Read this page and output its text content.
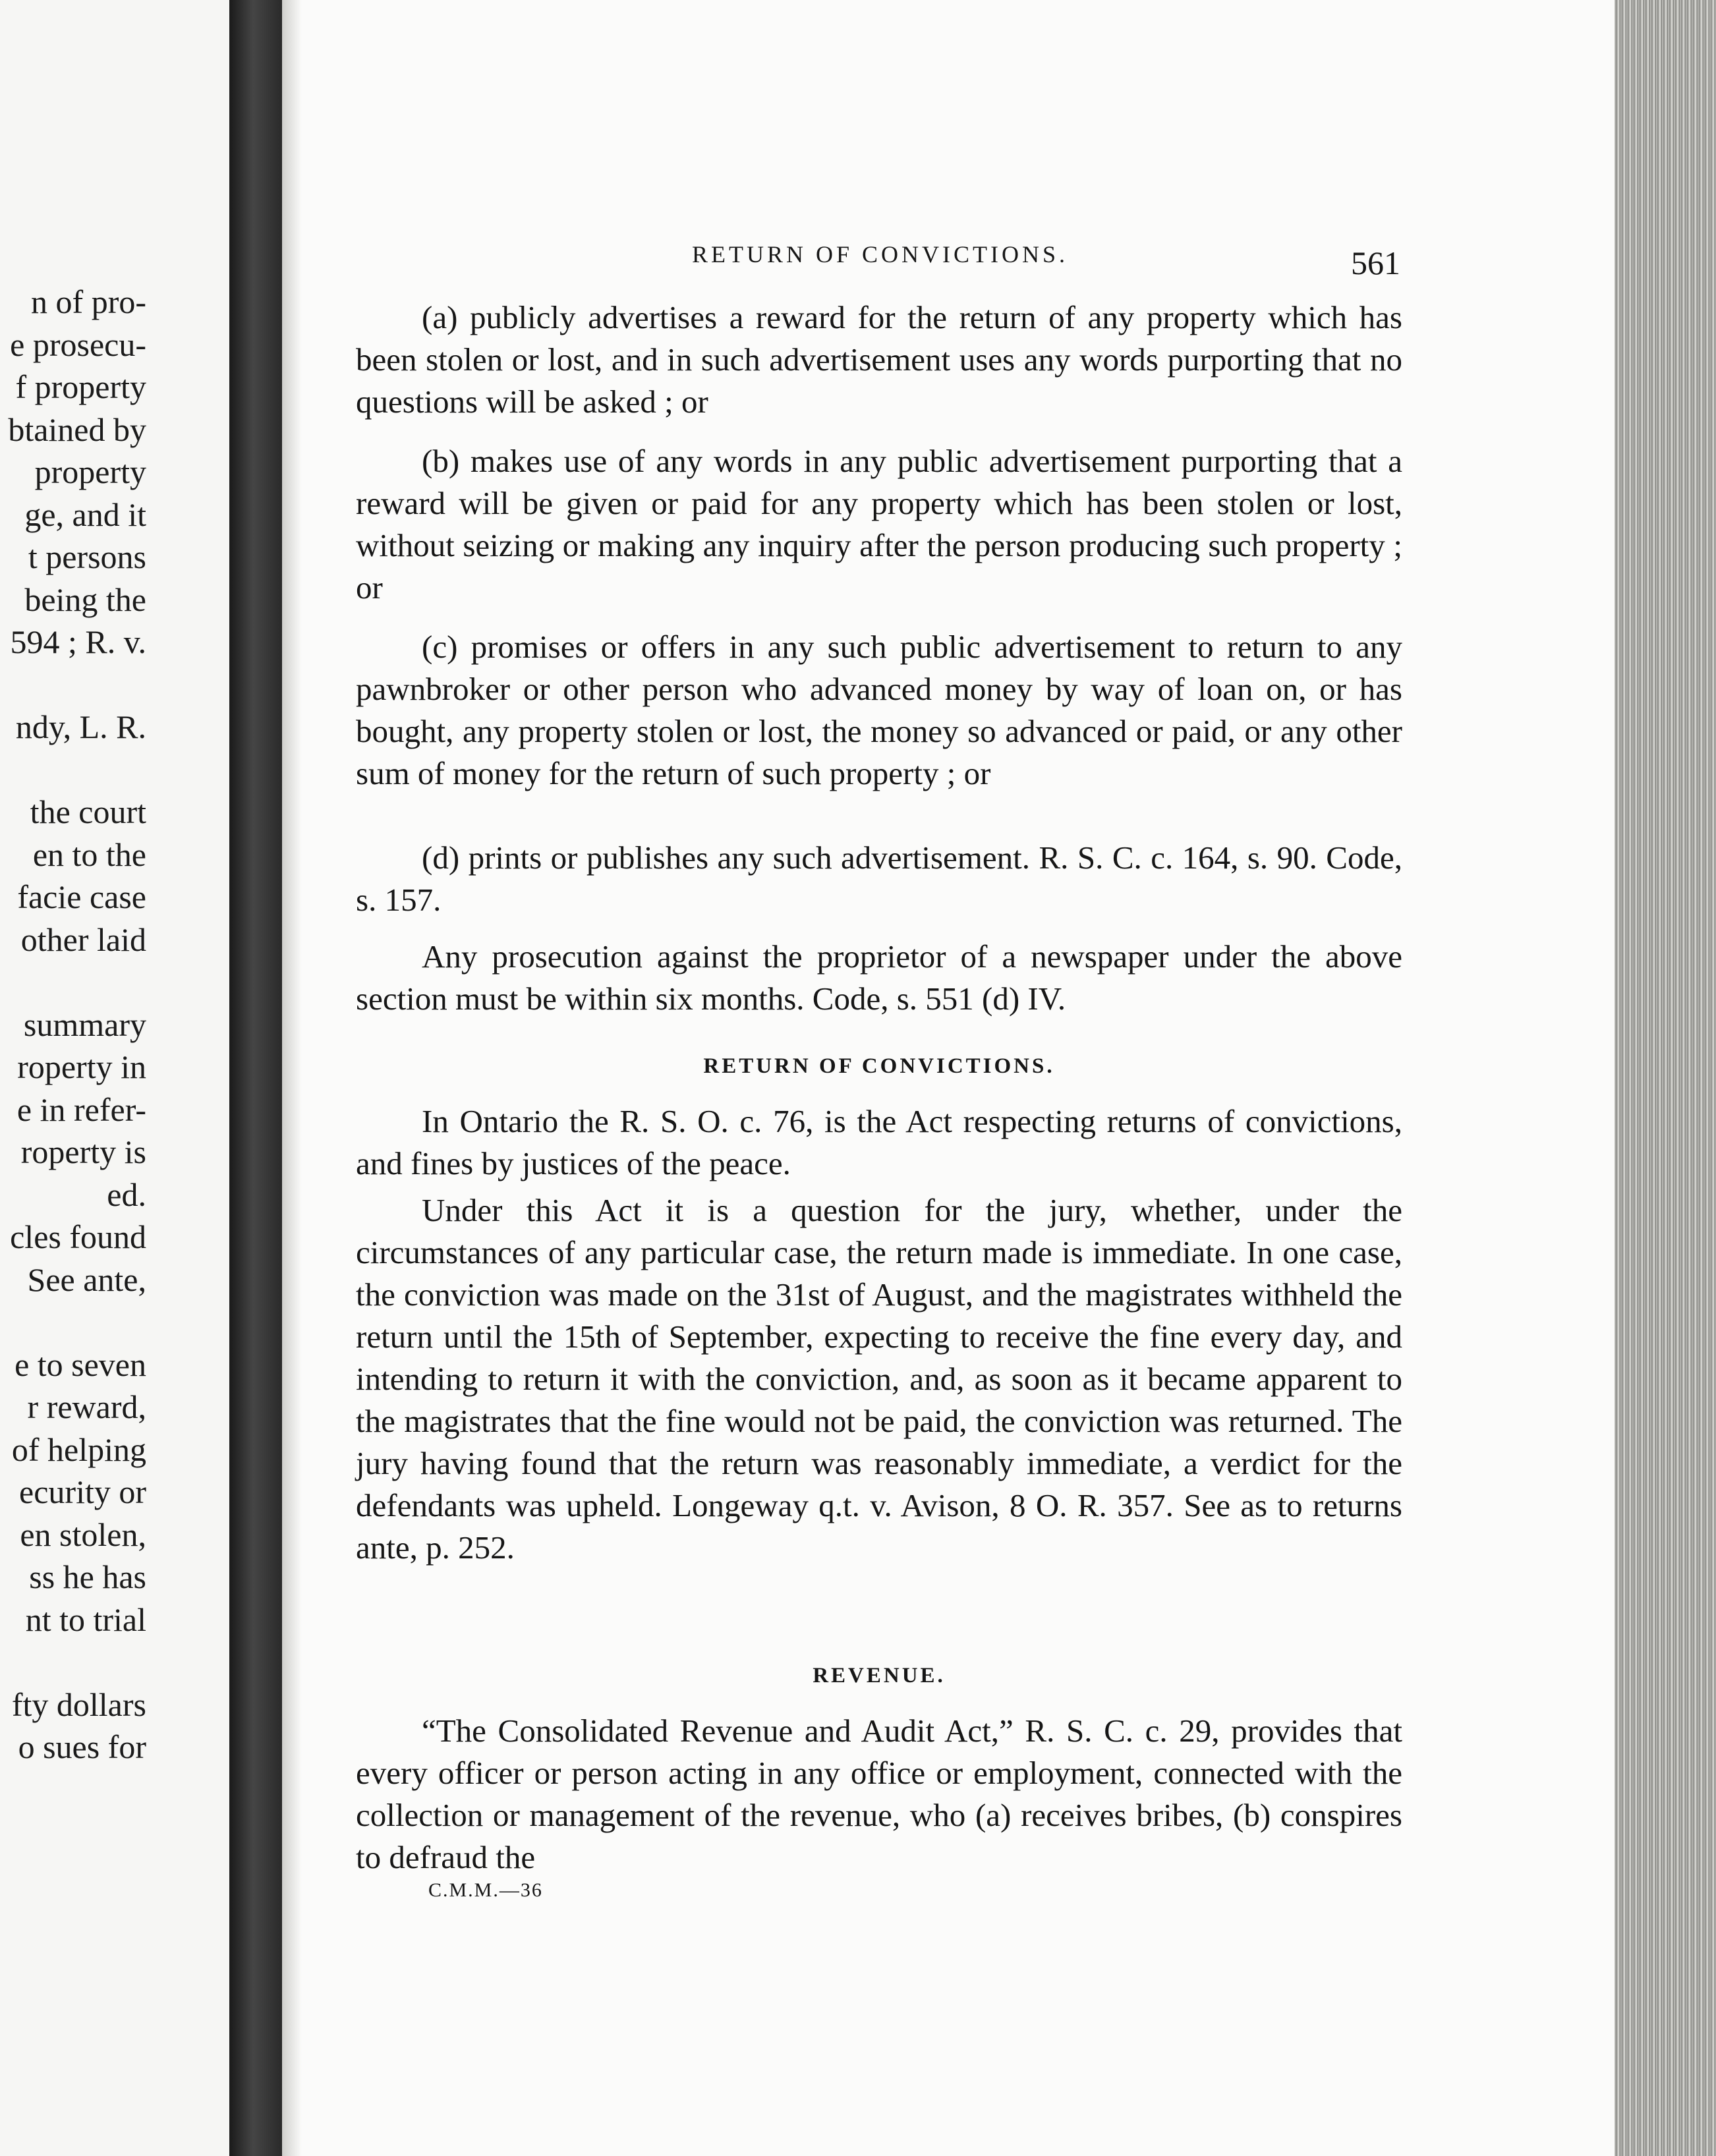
n of pro-
e prosecu-
f property
btained by
property
ge, and it
t persons
being the
594 ; R. v.
ndy, L. R.
the court
en to the
facie case
other laid
summary
roperty in
e in refer-
roperty is
ed.
cles found
See ante,
e to seven
r reward,
of helping
ecurity or
en stolen,
ss he has
nt to trial
fty dollars
o sues for
RETURN OF CONVICTIONS.	561

(a) publicly advertises a reward for the return of any property which has been stolen or lost, and in such advertisement uses any words purporting that no questions will be asked ; or

(b) makes use of any words in any public advertisement purporting that a reward will be given or paid for any property which has been stolen or lost, without seizing or making any inquiry after the person producing such property ; or

(c) promises or offers in any such public advertisement to return to any pawnbroker or other person who advanced money by way of loan on, or has bought, any property stolen or lost, the money so advanced or paid, or any other sum of money for the return of such property ; or

(d) prints or publishes any such advertisement. R. S. C. c. 164, s. 90. Code, s. 157.

Any prosecution against the proprietor of a newspaper under the above section must be within six months. Code, s. 551 (d) IV.

RETURN OF CONVICTIONS.

In Ontario the R. S. O. c. 76, is the Act respecting returns of convictions, and fines by justices of the peace.

Under this Act it is a question for the jury, whether, under the circumstances of any particular case, the return made is immediate. In one case, the conviction was made on the 31st of August, and the magistrates withheld the return until the 15th of September, expecting to receive the fine every day, and intending to return it with the conviction, and, as soon as it became apparent to the magistrates that the fine would not be paid, the conviction was returned. The jury having found that the return was reasonably immediate, a verdict for the defendants was upheld. Longeway q.t. v. Avison, 8 O. R. 357. See as to returns ante, p. 252.

REVENUE.

“The Consolidated Revenue and Audit Act,” R. S. C. c. 29, provides that every officer or person acting in any office or employment, connected with the collection or management of the revenue, who (a) receives bribes, (b) conspires to defraud the

C.M.M.—36
